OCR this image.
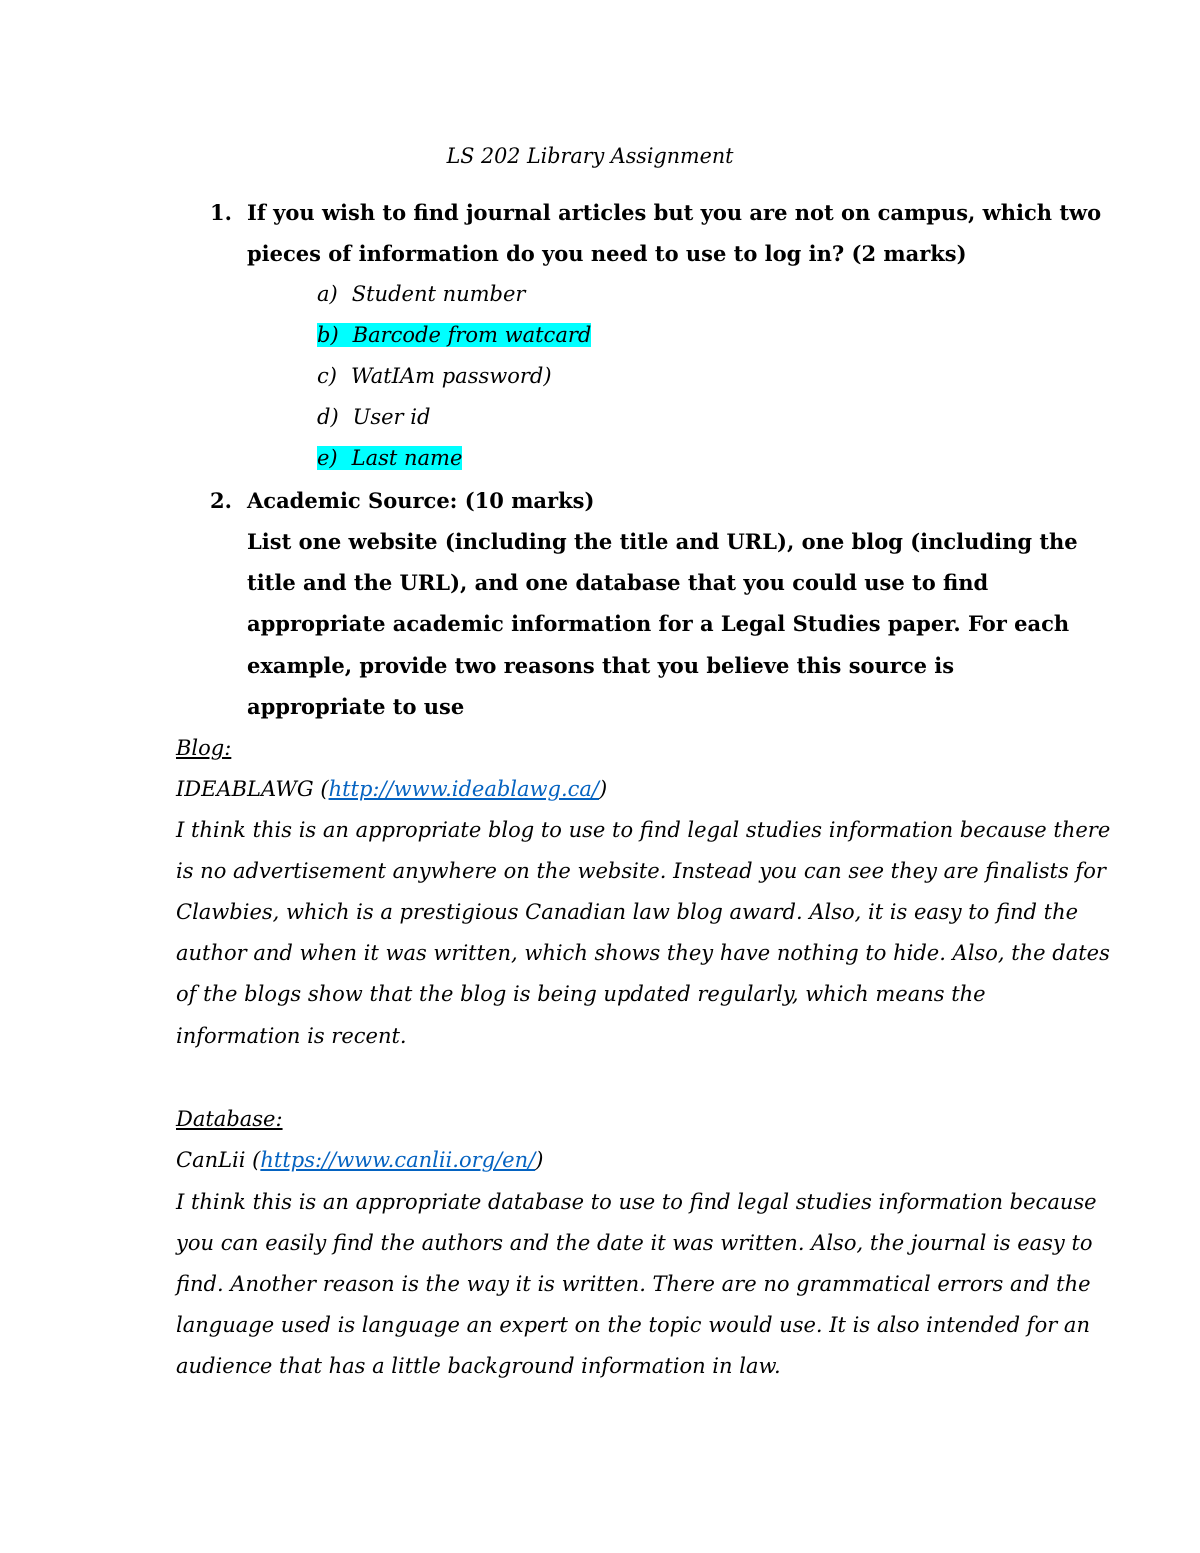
LS 202 Library Assignment
1. If you wish to find journal articles but you are not on campus, which two
pieces of information do you need to use to log in? (2 marks)
a) Student number
b) Barcode from watcard
c) WatIAm password)
d) User id
e) Last name
2. Academic Source: (10 marks)
List one website (including the title and URL), one blog (including the
title and the URL), and one database that you could use to find
appropriate academic information for a Legal Studies paper. For each
example, provide two reasons that you believe this source is
appropriate to use
Blog:
IDEABLAWG (http://www.ideablawg.ca/)
I think this is an appropriate blog to use to find legal studies information because there
is no advertisement anywhere on the website. Instead you can see they are finalists for
Clawbies, which is a prestigious Canadian law blog award. Also, it is easy to find the
author and when it was written, which shows they have nothing to hide. Also, the dates
of the blogs show that the blog is being updated regularly, which means the
information is recent.
Database:
CanLii (https://www.canlii.org/en/)
I think this is an appropriate database to use to find legal studies information because
you can easily find the authors and the date it was written. Also, the journal is easy to
find. Another reason is the way it is written. There are no grammatical errors and the
language used is language an expert on the topic would use. It is also intended for an
audience that has a little background information in law.
